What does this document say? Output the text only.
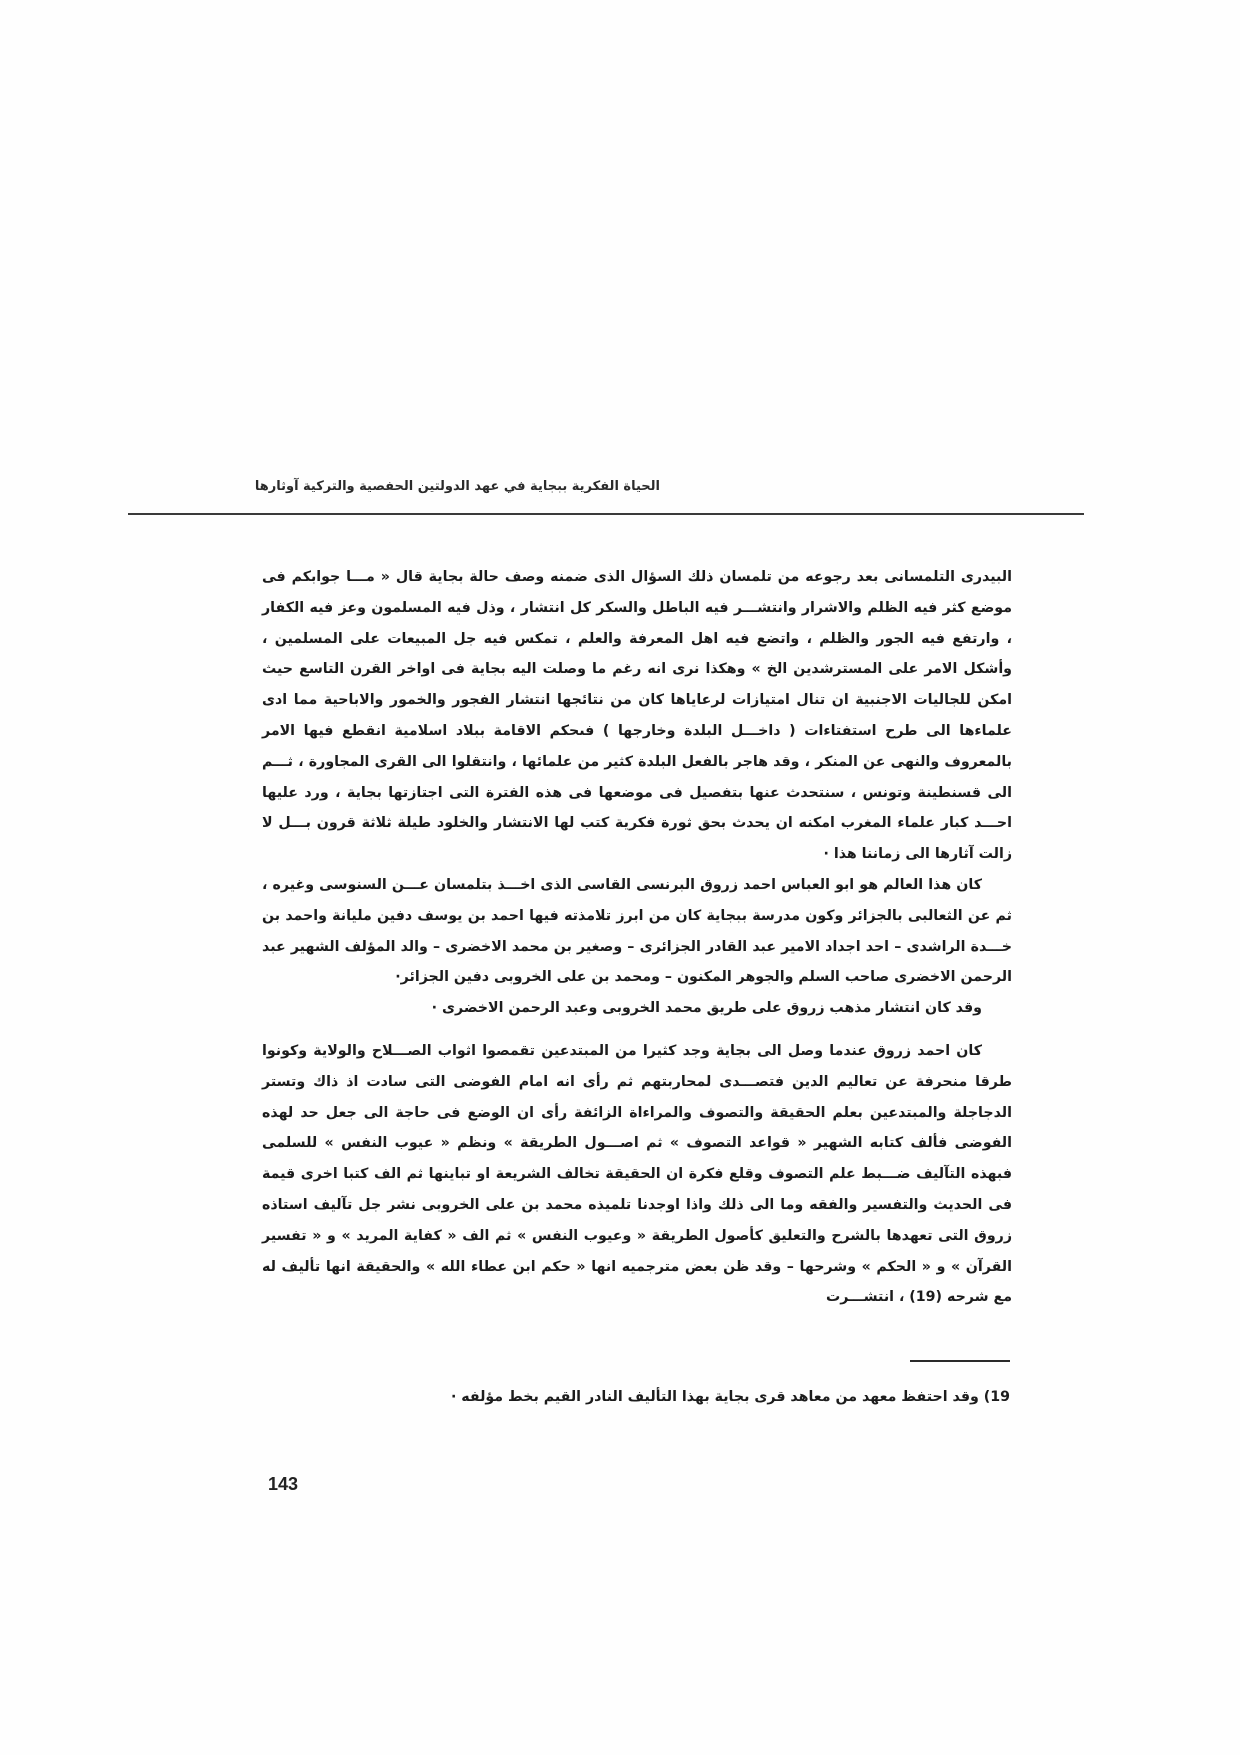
الحياة الفكرية ببجاية في عهد الدولتين الحفصية والتركية آوثارها

البيدرى التلمسانى بعد رجوعه من تلمسان ذلك السؤال الذى ضمنه وصف حالة بجاية قال « مـــا جوابكم فى موضع كثر فيه الظلم والاشرار وانتشـــر فيه الباطل والسكر كل انتشار ، وذل فيه المسلمون وعز فيه الكفار ، وارتفع فيه الجور والظلم ، واتضع فيه اهل المعرفة والعلم ، تمكس فيه جل المبيعات على المسلمين ، وأشكل الامر على المسترشدين الخ » وهكذا نرى انه رغم ما وصلت اليه بجاية فى اواخر القرن التاسع حيث امكن للجاليات الاجنبية ان تنال امتيازات لرعاياها كان من نتائجها انتشار الفجور والخمور والاباحية مما ادى علماءها الى طرح استفتاءات ( داخـــل البلدة وخارجها ) فىحكم الاقامة ببلاد اسلامية انقطع فيها الامر بالمعروف والنهى عن المنكر ، وقد هاجر بالفعل البلدة كثير من علمائها ، وانتقلوا الى القرى المجاورة ، ثـــم الى قسنطينة وتونس ، سنتحدث عنها بتفصيل فى موضعها فى هذه الفترة التى اجتازتها بجاية ، ورد عليها احـــد كبار علماء المغرب امكنه ان يحدث بحق ثورة فكرية كتب لها الانتشار والخلود طيلة ثلاثة قرون بـــل لا زالت آثارها الى زماننا هذا ·

كان هذا العالم هو ابو العباس احمد زروق البرنسى القاسى الذى اخـــذ بتلمسان عـــن السنوسى وغيره ، ثم عن الثعالبى بالجزائر وكون مدرسة ببجاية كان من ابرز تلامذته فيها احمد بن يوسف دفين مليانة واحمد بن خـــدة الراشدى – احد اجداد الامير عبد القادر الجزائرى – وصغير بن محمد الاخضرى – والد المؤلف الشهير عبد الرحمن الاخضرى صاحب السلم والجوهر المكنون – ومحمد بن على الخروبى دفين الجزائر·

وقد كان انتشار مذهب زروق على طريق محمد الخروبى وعبد الرحمن الاخضرى ·

كان احمد زروق عندما وصل الى بجاية وجد كثيرا من المبتدعين تقمصوا اثواب الصـــلاح والولاية وكونوا طرقا منحرفة عن تعاليم الدين فتصـــدى لمحاربتهم ثم رأى انه امام الفوضى التى سادت اذ ذاك وتستر الدجاجلة والمبتدعين بعلم الحقيقة والتصوف والمراءاة الزائفة رأى ان الوضع فى حاجة الى جعل حد لهذه الفوضى فألف كتابه الشهير « قواعد التصوف » ثم اصـــول الطريقة » ونظم « عيوب النفس » للسلمى فبهذه التآليف ضـــبط علم التصوف وقلع فكرة ان الحقيقة تخالف الشريعة او تباينها ثم الف كتبا اخرى قيمة فى الحديث والتفسير والفقه وما الى ذلك واذا اوجدنا تلميذه محمد بن على الخروبى نشر جل تآليف استاذه زروق التى تعهدها بالشرح والتعليق كأصول الطريقة « وعيوب النفس » ثم الف « كفاية المريد » و « تفسير القرآن » و « الحكم » وشرحها – وقد ظن بعض مترجميه انها « حكم ابن عطاء الله » والحقيقة انها تأليف له مع شرحه (19) ، انتشـــرت

19) وقد احتفظ معهد من معاهد قرى بجاية بهذا التأليف النادر القيم بخط مؤلفه ·
143
